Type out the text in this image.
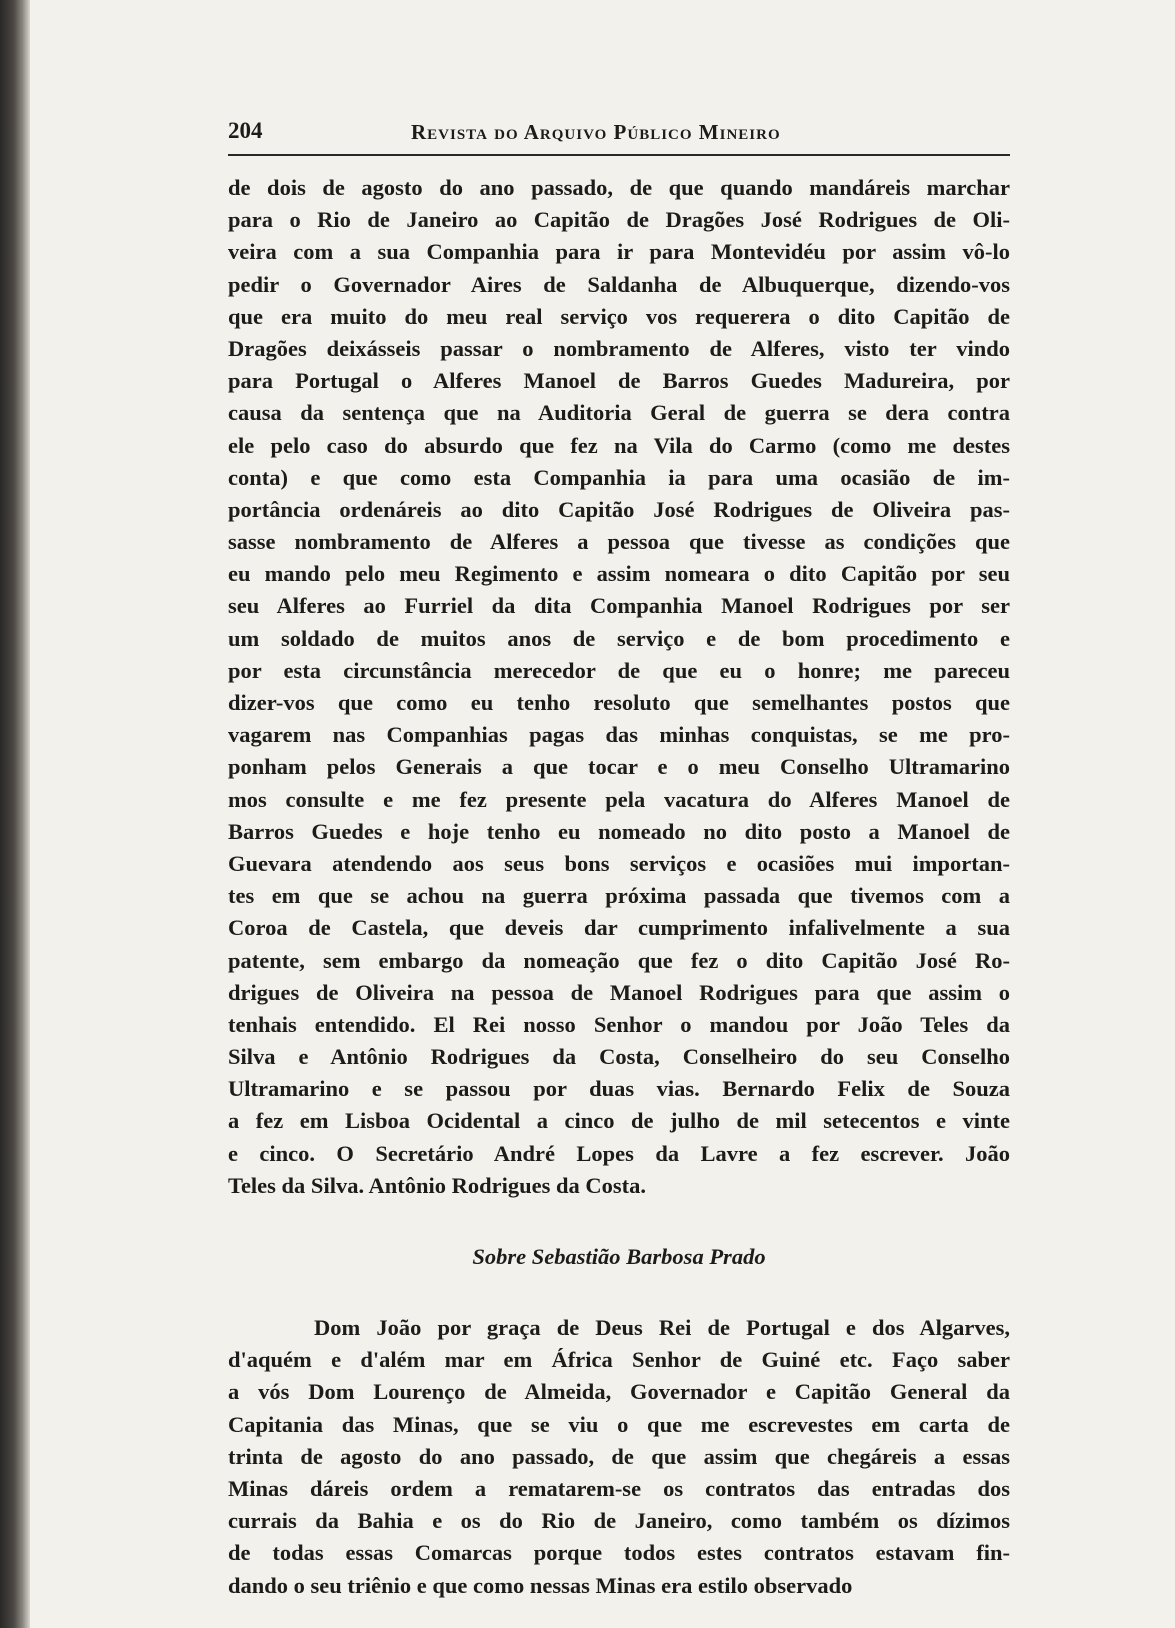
204	Revista do Arquivo Público Mineiro
de dois de agosto do ano passado, de que quando mandáreis marchar
para o Rio de Janeiro ao Capitão de Dragões José Rodrigues de Oli-
veira com a sua Companhia para ir para Montevidéu por assim vô-lo
pedir o Governador Aires de Saldanha de Albuquerque, dizendo-vos
que era muito do meu real serviço vos requerera o dito Capitão de
Dragões deixásseis passar o nombramento de Alferes, visto ter vindo
para Portugal o Alferes Manoel de Barros Guedes Madureira, por
causa da sentença que na Auditoria Geral de guerra se dera contra
ele pelo caso do absurdo que fez na Vila do Carmo (como me destes
conta) e que como esta Companhia ia para uma ocasião de im-
portância ordenáreis ao dito Capitão José Rodrigues de Oliveira pas-
sasse nombramento de Alferes a pessoa que tivesse as condições que
eu mando pelo meu Regimento e assim nomeara o dito Capitão por seu
seu Alferes ao Furriel da dita Companhia Manoel Rodrigues por ser
um soldado de muitos anos de serviço e de bom procedimento e
por esta circunstância merecedor de que eu o honre; me pareceu
dizer-vos que como eu tenho resoluto que semelhantes postos que
vagarem nas Companhias pagas das minhas conquistas, se me pro-
ponham pelos Generais a que tocar e o meu Conselho Ultramarino
mos consulte e me fez presente pela vacatura do Alferes Manoel de
Barros Guedes e hoje tenho eu nomeado no dito posto a Manoel de
Guevara atendendo aos seus bons serviços e ocasiões mui importan-
tes em que se achou na guerra próxima passada que tivemos com a
Coroa de Castela, que deveis dar cumprimento infalivelmente a sua
patente, sem embargo da nomeação que fez o dito Capitão José Ro-
drigues de Oliveira na pessoa de Manoel Rodrigues para que assim o
tenhais entendido. El Rei nosso Senhor o mandou por João Teles da
Silva e Antônio Rodrigues da Costa, Conselheiro do seu Conselho
Ultramarino e se passou por duas vias. Bernardo Felix de Souza
a fez em Lisboa Ocidental a cinco de julho de mil setecentos e vinte
e cinco. O Secretário André Lopes da Lavre a fez escrever. João
Teles da Silva. Antônio Rodrigues da Costa.
Sobre Sebastião Barbosa Prado
Dom João por graça de Deus Rei de Portugal e dos Algarves,
d'aquém e d'além mar em África Senhor de Guiné etc. Faço saber
a vós Dom Lourenço de Almeida, Governador e Capitão General da
Capitania das Minas, que se viu o que me escrevestes em carta de
trinta de agosto do ano passado, de que assim que chegáreis a essas
Minas dáreis ordem a rematarem-se os contratos das entradas dos
currais da Bahia e os do Rio de Janeiro, como também os dízimos
de todas essas Comarcas porque todos estes contratos estavam fin-
dando o seu triênio e que como nessas Minas era estilo observado
